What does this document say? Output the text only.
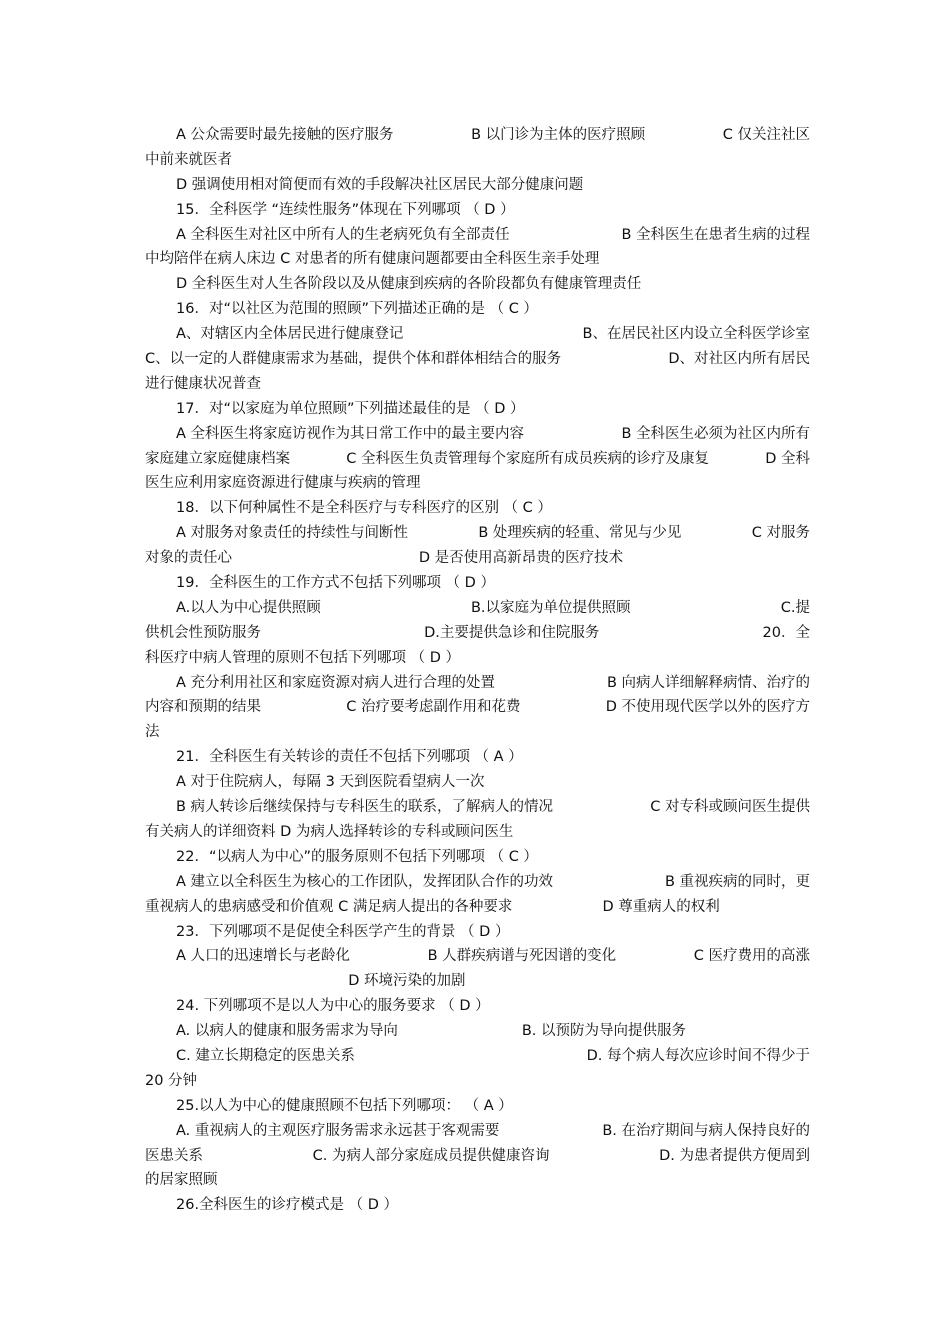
A 公众需要时最先接触的医疗服务	B 以门诊为主体的医疗照顾	C 仅关注社区
中前来就医者
D 强调使用相对简便而有效的手段解决社区居民大部分健康问题
15．全科医学 “连续性服务”体现在下列哪项 （ D ）
A 全科医生对社区中所有人的生老病死负有全部责任	B 全科医生在患者生病的过程
中均陪伴在病人床边 C 对患者的所有健康问题都要由全科医生亲手处理
D 全科医生对人生各阶段以及从健康到疾病的各阶段都负有健康管理责任
16．对“以社区为范围的照顾”下列描述正确的是 （ C ）
A、对辖区内全体居民进行健康登记	B、在居民社区内设立全科医学诊室
C、以一定的人群健康需求为基础，提供个体和群体相结合的服务	D、对社区内所有居民
进行健康状况普查
17．对“以家庭为单位照顾”下列描述最佳的是 （ D ）
A 全科医生将家庭访视作为其日常工作中的最主要内容	B 全科医生必须为社区内所有
家庭建立家庭健康档案	C 全科医生负责管理每个家庭所有成员疾病的诊疗及康复	D 全科
医生应利用家庭资源进行健康与疾病的管理
18．以下何种属性不是全科医疗与专科医疗的区别 （ C ）
A 对服务对象责任的持续性与间断性	B 处理疾病的轻重、常见与少见	C 对服务
对象的责任心	D 是否使用高新昂贵的医疗技术
19．全科医生的工作方式不包括下列哪项 （ D ）
A.以人为中心提供照顾	B.以家庭为单位提供照顾	C.提
供机会性预防服务	D.主要提供急诊和住院服务	20．全
科医疗中病人管理的原则不包括下列哪项 （ D ）
A 充分利用社区和家庭资源对病人进行合理的处置	B 向病人详细解释病情、治疗的
内容和预期的结果	C 治疗要考虑副作用和花费	D 不使用现代医学以外的医疗方
法
21．全科医生有关转诊的责任不包括下列哪项 （ A ）
A 对于住院病人，每隔 3 天到医院看望病人一次
B 病人转诊后继续保持与专科医生的联系，了解病人的情况	C 对专科或顾问医生提供
有关病人的详细资料 D 为病人选择转诊的专科或顾问医生
22．“以病人为中心”的服务原则不包括下列哪项 （ C ）
A 建立以全科医生为核心的工作团队，发挥团队合作的功效	B 重视疾病的同时，更
重视病人的患病感受和价值观 C 满足病人提出的各种要求	D 尊重病人的权利
23．下列哪项不是促使全科医学产生的背景 （ D ）
A 人口的迅速增长与老龄化	B 人群疾病谱与死因谱的变化	C 医疗费用的高涨
D 环境污染的加剧
24. 下列哪项不是以人为中心的服务要求 （ D ）
A. 以病人的健康和服务需求为导向	B. 以预防为导向提供服务
C. 建立长期稳定的医患关系	D. 每个病人每次应诊时间不得少于
20 分钟
25.以人为中心的健康照顾不包括下列哪项： （ A ）
A. 重视病人的主观医疗服务需求永远甚于客观需要	B. 在治疗期间与病人保持良好的
医患关系	C. 为病人部分家庭成员提供健康咨询	D. 为患者提供方便周到
的居家照顾
26.全科医生的诊疗模式是 （ D ）
